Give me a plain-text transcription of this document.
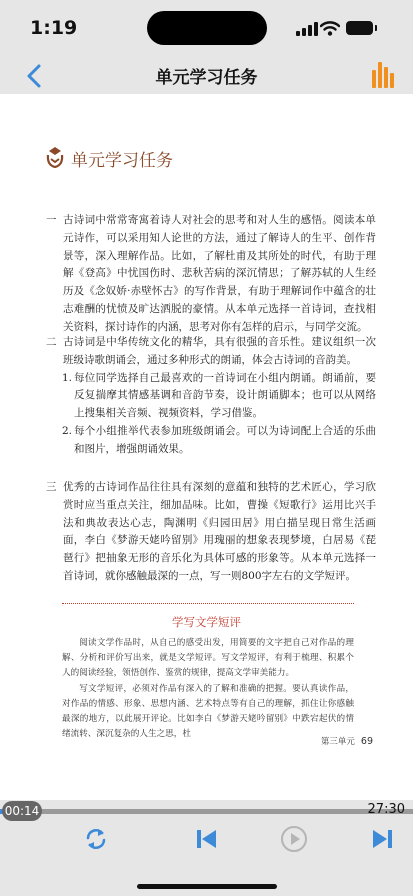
1:19
单元学习任务
单元学习任务
一 古诗词中常常寄寓着诗人对社会的思考和对人生的感悟。阅读本单元诗作，可以采用知人论世的方法，通过了解诗人的生平、创作背景等，深入理解作品。比如，了解杜甫及其所处的时代，有助于理解《登高》中忧国伤时、悲秋苦病的深沉情思；了解苏轼的人生经历及《念奴娇·赤壁怀古》的写作背景，有助于理解词作中蕴含的壮志难酬的忧愤及旷达洒脱的豪情。从本单元选择一首诗词，查找相关资料，探讨诗作的内涵，思考对你有怎样的启示，与同学交流。
二 古诗词是中华传统文化的精华，具有很强的音乐性。建议组织一次班级诗歌朗诵会，通过多种形式的朗诵，体会古诗词的音韵美。
1. 每位同学选择自己最喜欢的一首诗词在小组内朗诵。朗诵前，要反复揣摩其情感基调和音韵节奏，设计朗诵脚本；也可以从网络上搜集相关音频、视频资料，学习借鉴。
2. 每个小组推举代表参加班级朗诵会。可以为诗词配上合适的乐曲和图片，增强朗诵效果。
三 优秀的古诗词作品往往具有深刻的意蕴和独特的艺术匠心，学习欣赏时应当重点关注，细加品味。比如，曹操《短歌行》运用比兴手法和典故表达心志，陶渊明《归园田居》用白描呈现日常生活画面，李白《梦游天姥吟留别》用瑰丽的想象表现梦境，白居易《琵琶行》把抽象无形的音乐化为具体可感的形象等。从本单元选择一首诗词，就你感触最深的一点，写一则800字左右的文学短评。
学写文学短评

阅读文学作品时，从自己的感受出发，用简要的文字把自己对作品的理解、分析和评价写出来，就是文学短评。写文学短评，有利于梳理、积累个人的阅读经验，领悟创作、鉴赏的规律，提高文学审美能力。

写文学短评，必须对作品有深入的了解和准确的把握。要认真读作品，对作品的情感、形象、思想内涵、艺术特点等有自己的理解，抓住让你感触最深的地方，以此展开评论。比如李白《梦游天姥吟留别》中跌宕起伏的情绪流转、深沉复杂的人生之思，杜

第三单元 69
00:14	27:30
